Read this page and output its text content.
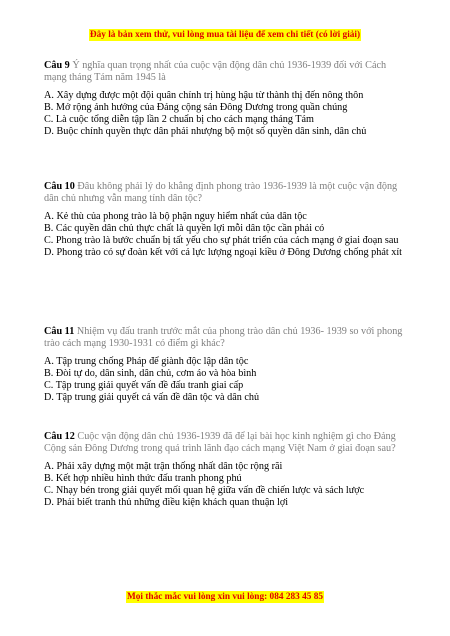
Đây là bản xem thử, vui lòng mua tài liệu để xem chi tiết (có lời giải)
Câu 9 Ý nghĩa quan trọng nhất của cuộc vận động dân chủ 1936-1939 đối với Cách mạng tháng Tám năm 1945 là
A. Xây dựng được một đội quân chính trị hùng hậu từ thành thị đến nông thôn
B. Mở rộng ảnh hưởng của Đảng cộng sản Đông Dương trong quần chúng
C. Là cuộc tổng diễn tập lần 2 chuẩn bị cho cách mạng tháng Tám
D. Buộc chính quyền thực dân phải nhượng bộ một số quyền dân sinh, dân chủ
Câu 10 Đâu không phải lý do khẳng định phong trào 1936-1939 là một cuộc vận động dân chủ nhưng vẫn mang tính dân tộc?
A. Kẻ thù của phong trào là bộ phận nguy hiểm nhất của dân tộc
B. Các quyền dân chủ thực chất là quyền lợi mỗi dân tộc cần phải có
C. Phong trào là bước chuẩn bị tất yếu cho sự phát triển của cách mạng ở giai đoạn sau
D. Phong trào có sự đoàn kết với cả lực lượng ngoại kiều ở Đông Dương chống phát xít
Câu 11 Nhiệm vụ đấu tranh trước mắt của phong trào dân chủ 1936- 1939 so với phong trào cách mạng 1930-1931 có điểm gì khác?
A. Tập trung chống Pháp để giành độc lập dân tộc
B. Đòi tự do, dân sinh, dân chủ, cơm áo và hòa bình
C. Tập trung giải quyết vấn đề đấu tranh giai cấp
D. Tập trung giải quyết cả vấn đề dân tộc và dân chủ
Câu 12 Cuộc vận động dân chủ 1936-1939 đã để lại bài học kinh nghiệm gì cho Đảng Cộng sản Đông Dương trong quá trình lãnh đạo cách mạng Việt Nam ở giai đoạn sau?
A. Phải xây dựng một mặt trận thống nhất dân tộc rộng rãi
B. Kết hợp nhiều hình thức đấu tranh phong phú
C. Nhạy bén trong giải quyết mối quan hệ giữa vấn đề chiến lược và sách lược
D. Phải biết tranh thủ những điều kiện khách quan thuận lợi
Mọi thắc mắc vui lòng xin vui lòng: 084 283 45 85
